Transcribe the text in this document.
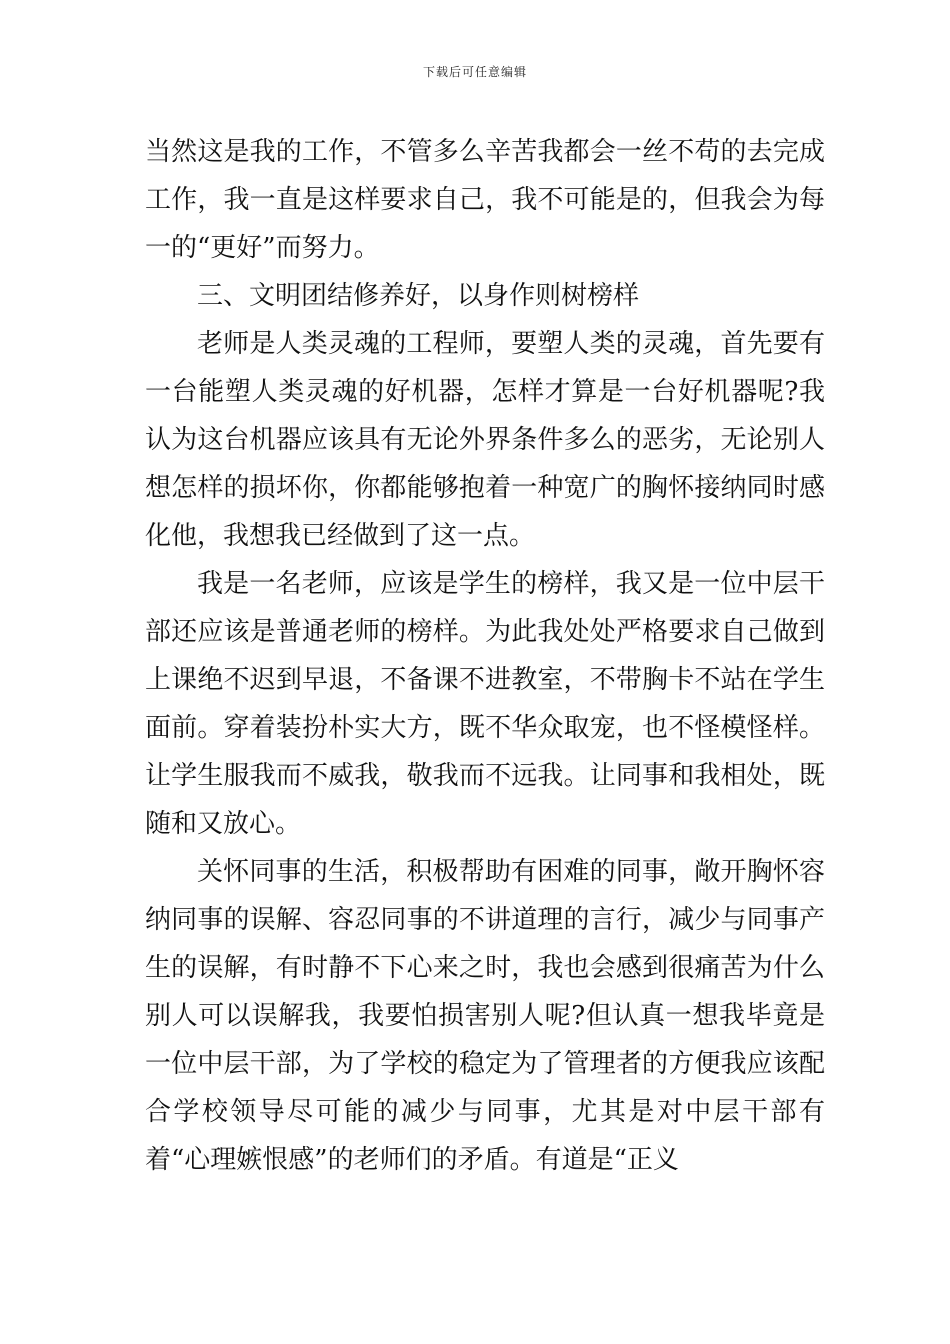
下载后可任意编辑

当然这是我的工作，不管多么辛苦我都会一丝不苟的去完成工作，我一直是这样要求自己，我不可能是的，但我会为每一的“更好”而努力。

三、文明团结修养好，以身作则树榜样

老师是人类灵魂的工程师，要塑人类的灵魂，首先要有一台能塑人类灵魂的好机器，怎样才算是一台好机器呢?我认为这台机器应该具有无论外界条件多么的恶劣，无论别人想怎样的损坏你，你都能够抱着一种宽广的胸怀接纳同时感化他，我想我已经做到了这一点。

我是一名老师，应该是学生的榜样，我又是一位中层干部还应该是普通老师的榜样。为此我处处严格要求自己做到上课绝不迟到早退，不备课不进教室，不带胸卡不站在学生面前。穿着装扮朴实大方，既不华众取宠，也不怪模怪样。让学生服我而不威我，敬我而不远我。让同事和我相处，既随和又放心。

关怀同事的生活，积极帮助有困难的同事，敞开胸怀容纳同事的误解、容忍同事的不讲道理的言行，减少与同事产生的误解，有时静不下心来之时，我也会感到很痛苦为什么别人可以误解我，我要怕损害别人呢?但认真一想我毕竟是一位中层干部，为了学校的稳定为了管理者的方便我应该配合学校领导尽可能的减少与同事，尤其是对中层干部有着“心理嫉恨感”的老师们的矛盾。有道是“正义
